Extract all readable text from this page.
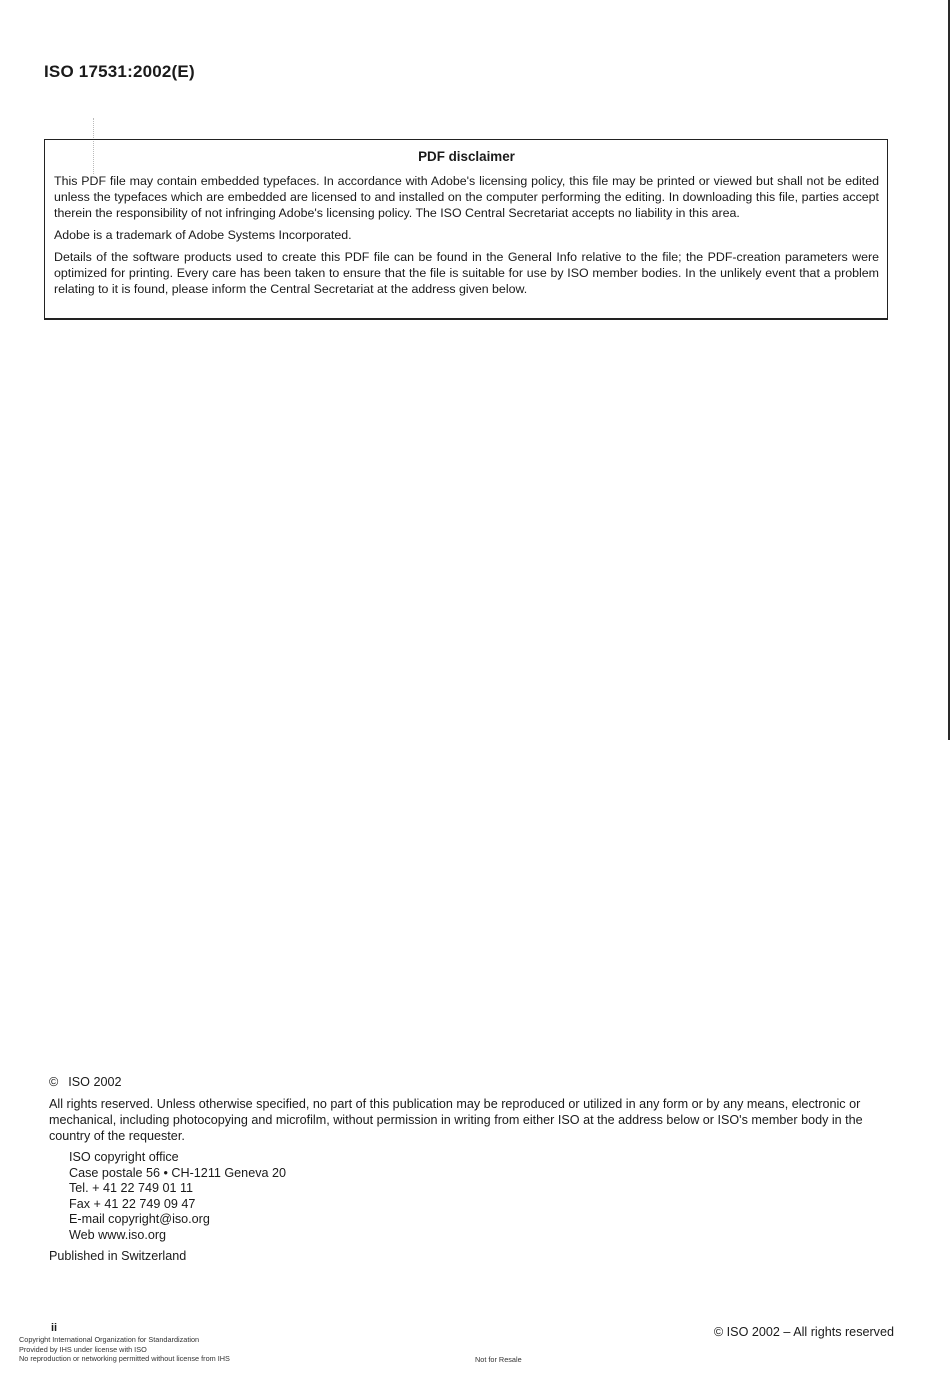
ISO 17531:2002(E)
PDF disclaimer

This PDF file may contain embedded typefaces. In accordance with Adobe's licensing policy, this file may be printed or viewed but shall not be edited unless the typefaces which are embedded are licensed to and installed on the computer performing the editing. In downloading this file, parties accept therein the responsibility of not infringing Adobe's licensing policy. The ISO Central Secretariat accepts no liability in this area.

Adobe is a trademark of Adobe Systems Incorporated.

Details of the software products used to create this PDF file can be found in the General Info relative to the file; the PDF-creation parameters were optimized for printing. Every care has been taken to ensure that the file is suitable for use by ISO member bodies. In the unlikely event that a problem relating to it is found, please inform the Central Secretariat at the address given below.

© ISO 2002
All rights reserved. Unless otherwise specified, no part of this publication may be reproduced or utilized in any form or by any means, electronic or mechanical, including photocopying and microfilm, without permission in writing from either ISO at the address below or ISO's member body in the country of the requester.
ISO copyright office
Case postale 56 • CH-1211 Geneva 20
Tel. + 41 22 749 01 11
Fax + 41 22 749 09 47
E-mail copyright@iso.org
Web www.iso.org
Published in Switzerland
ii	© ISO 2002 – All rights reserved
Copyright International Organization for Standardization
Provided by IHS under license with ISO
No reproduction or networking permitted without license from IHS	Not for Resale
